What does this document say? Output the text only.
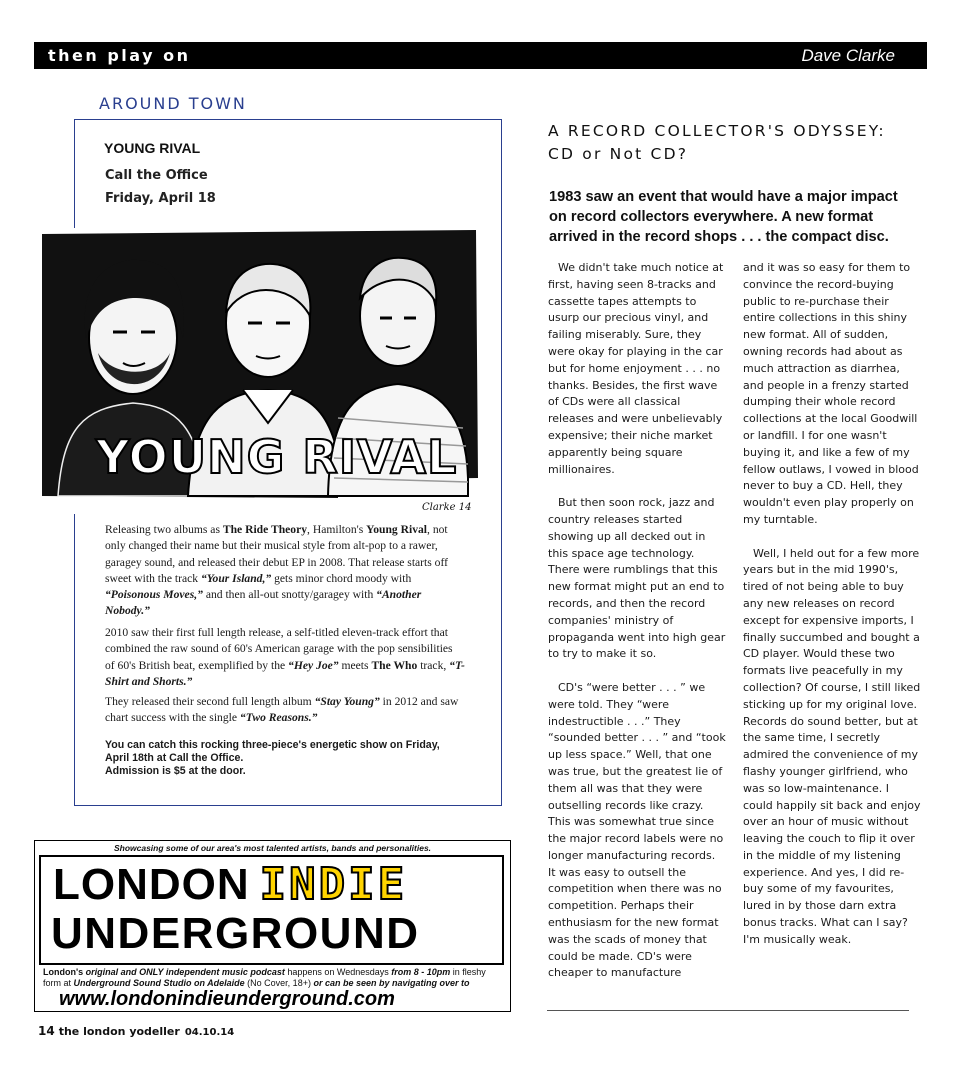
then play on	Dave Clarke
AROUND TOWN
YOUNG RIVAL
Call the Office
Friday, April 18
YOUNG RIVAL
Clarke 14
Releasing two albums as The Ride Theory, Hamilton's Young Rival, not only changed their name but their musical style from alt-pop to a rawer, garagey sound, and released their debut EP in 2008. That release starts off sweet with the track “Your Island,” gets minor chord moody with “Poisonous Moves,” and then all-out snotty/garagey with “Another Nobody.”
2010 saw their first full length release, a self-titled eleven-track effort that combined the raw sound of 60's American garage with the pop sensibilities of 60's British beat, exemplified by the “Hey Joe” meets The Who track, “T-Shirt and Shorts.”
They released their second full length album “Stay Young” in 2012 and saw chart success with the single “Two Reasons.”
You can catch this rocking three-piece's energetic show on Friday, April 18th at Call the Office.
Admission is $5 at the door.
Showcasing some of our area's most talented artists, bands and personalities.
LONDON INDIE
UNDERGROUND
London's original and ONLY independent music podcast happens on Wednesdays from 8 - 10pm in fleshy form at Underground Sound Studio on Adelaide (No Cover, 18+) or can be seen by navigating over to
www.londonindieunderground.com
14 the london yodeller 04.10.14
A RECORD COLLECTOR'S ODYSSEY:
CD or Not CD?
1983 saw an event that would have a major impact on record collectors everywhere. A new format arrived in the record shops . . . the compact disc.

We didn't take much notice at first, having seen 8-tracks and cassette tapes attempts to usurp our precious vinyl, and failing miserably. Sure, they were okay for playing in the car but for home enjoyment . . . no thanks. Besides, the first wave of CDs were all classical releases and were unbelievably expensive; their niche market apparently being square millionaires.

But then soon rock, jazz and country releases started showing up all decked out in this space age technology. There were rumblings that this new format might put an end to records, and then the record companies' ministry of propaganda went into high gear to try to make it so.

CD's “were better . . . ” we were told. They “were indestructible . . .” They “sounded better . . . ” and “took up less space.” Well, that one was true, but the greatest lie of them all was that they were outselling records like crazy. This was somewhat true since the major record labels were no longer manufacturing records. It was easy to outsell the competition when there was no competition. Perhaps their enthusiasm for the new format was the scads of money that could be made. CD's were cheaper to manufacture

and it was so easy for them to convince the record-buying public to re-purchase their entire collections in this shiny new format. All of sudden, owning records had about as much attraction as diarrhea, and people in a frenzy started dumping their whole record collections at the local Goodwill or landfill. I for one wasn't buying it, and like a few of my fellow outlaws, I vowed in blood never to buy a CD. Hell, they wouldn't even play properly on my turntable.

Well, I held out for a few more years but in the mid 1990's, tired of not being able to buy any new releases on record except for expensive imports, I finally succumbed and bought a CD player. Would these two formats live peacefully in my collection? Of course, I still liked sticking up for my original love. Records do sound better, but at the same time, I secretly admired the convenience of my flashy younger girlfriend, who was so low-maintenance. I could happily sit back and enjoy over an hour of music without leaving the couch to flip it over in the middle of my listening experience. And yes, I did re-buy some of my favourites, lured in by those darn extra bonus tracks. What can I say? I'm musically weak.
